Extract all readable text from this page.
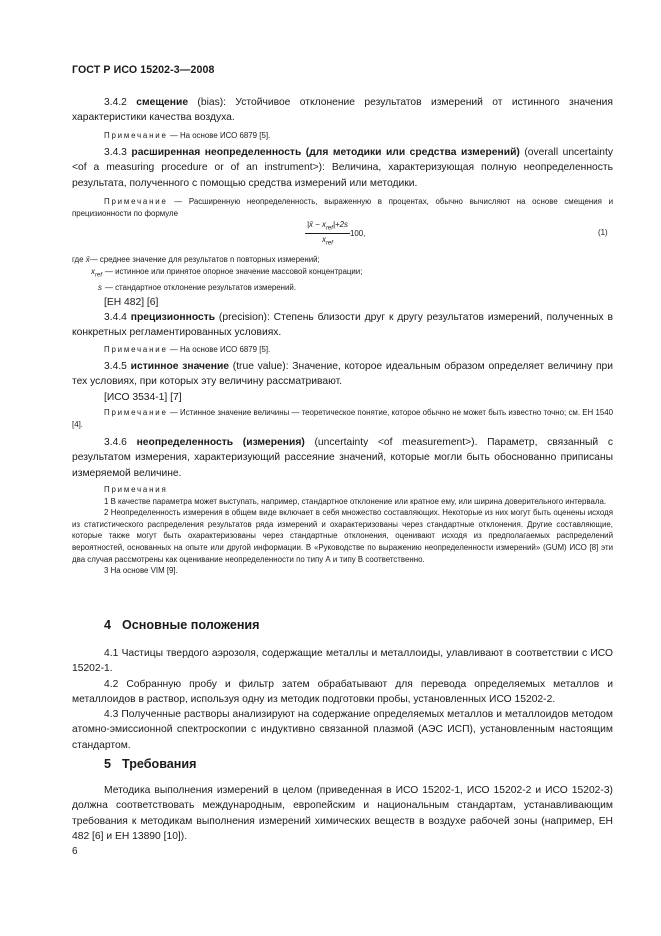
ГОСТ Р ИСО 15202-3—2008

3.4.2 смещение (bias): Устойчивое отклонение результатов измерений от истинного значения характеристики качества воздуха.

Примечание — На основе ИСО 6879 [5].

3.4.3 расширенная неопределенность (для методики или средства измерений) (overall uncertainty <of a measuring procedure or of an instrument>): Величина, характеризующая полную неопределенность результата, полученного с помощью средства измерений или методики.

Примечание — Расширенную неопределенность, выраженную в процентах, обычно вычисляют на основе смещения и прецизионности по формуле

|x̄ − $x_{ref}|+2s$
$x_{ref}$
100,	(1)
где
x̄ — среднее значение для результатов n повторных измерений;
$x_{ref}$ — истинное или принятое опорное значение массовой концентрации;
s — стандартное отклонение результатов измерений.

[ЕН 482] [6]

3.4.4 прецизионность (precision): Степень близости друг к другу результатов измерений, полученных в конкретных регламентированных условиях.

Примечание — На основе ИСО 6879 [5].

3.4.5 истинное значение (true value): Значение, которое идеальным образом определяет величину при тех условиях, при которых эту величину рассматривают.

[ИСО 3534-1] [7]

Примечание — Истинное значение величины — теоретическое понятие, которое обычно не может быть известно точно; см. ЕН 1540 [4].

3.4.6 неопределенность (измерения) (uncertainty <of measurement>). Параметр, связанный с результатом измерения, характеризующий рассеяние значений, которые могли быть обоснованно приписаны измеряемой величине.

Примечания

1 В качестве параметра может выступать, например, стандартное отклонение или кратное ему, или ширина доверительного интервала.

2 Неопределенность измерения в общем виде включает в себя множество составляющих. Некоторые из них могут быть оценены исходя из статистического распределения результатов ряда измерений и охарактеризованы через стандартные отклонения. Другие составляющие, которые также могут быть охарактеризованы через стандартные отклонения, оценивают исходя из предполагаемых распределений вероятностей, основанных на опыте или другой информации. В «Руководстве по выражению неопределенности измерений» (GUM) ИСО [8] эти два случая рассмотрены как оценивание неопределенности по типу А и типу В соответственно.

3 На основе VIM [9].

4 Основные положения

4.1 Частицы твердого аэрозоля, содержащие металлы и металлоиды, улавливают в соответствии с ИСО 15202-1.

4.2 Собранную пробу и фильтр затем обрабатывают для перевода определяемых металлов и металлоидов в раствор, используя одну из методик подготовки пробы, установленных ИСО 15202-2.

4.3 Полученные растворы анализируют на содержание определяемых металлов и металлоидов методом атомно-эмиссионной спектроскопии с индуктивно связанной плазмой (АЭС ИСП), установленным настоящим стандартом.

5 Требования

Методика выполнения измерений в целом (приведенная в ИСО 15202-1, ИСО 15202-2 и ИСО 15202-3) должна соответствовать международным, европейским и национальным стандартам, устанавливающим требования к методикам выполнения измерений химических веществ в воздухе рабочей зоны (например, ЕН 482 [6] и ЕН 13890 [10]).

6
